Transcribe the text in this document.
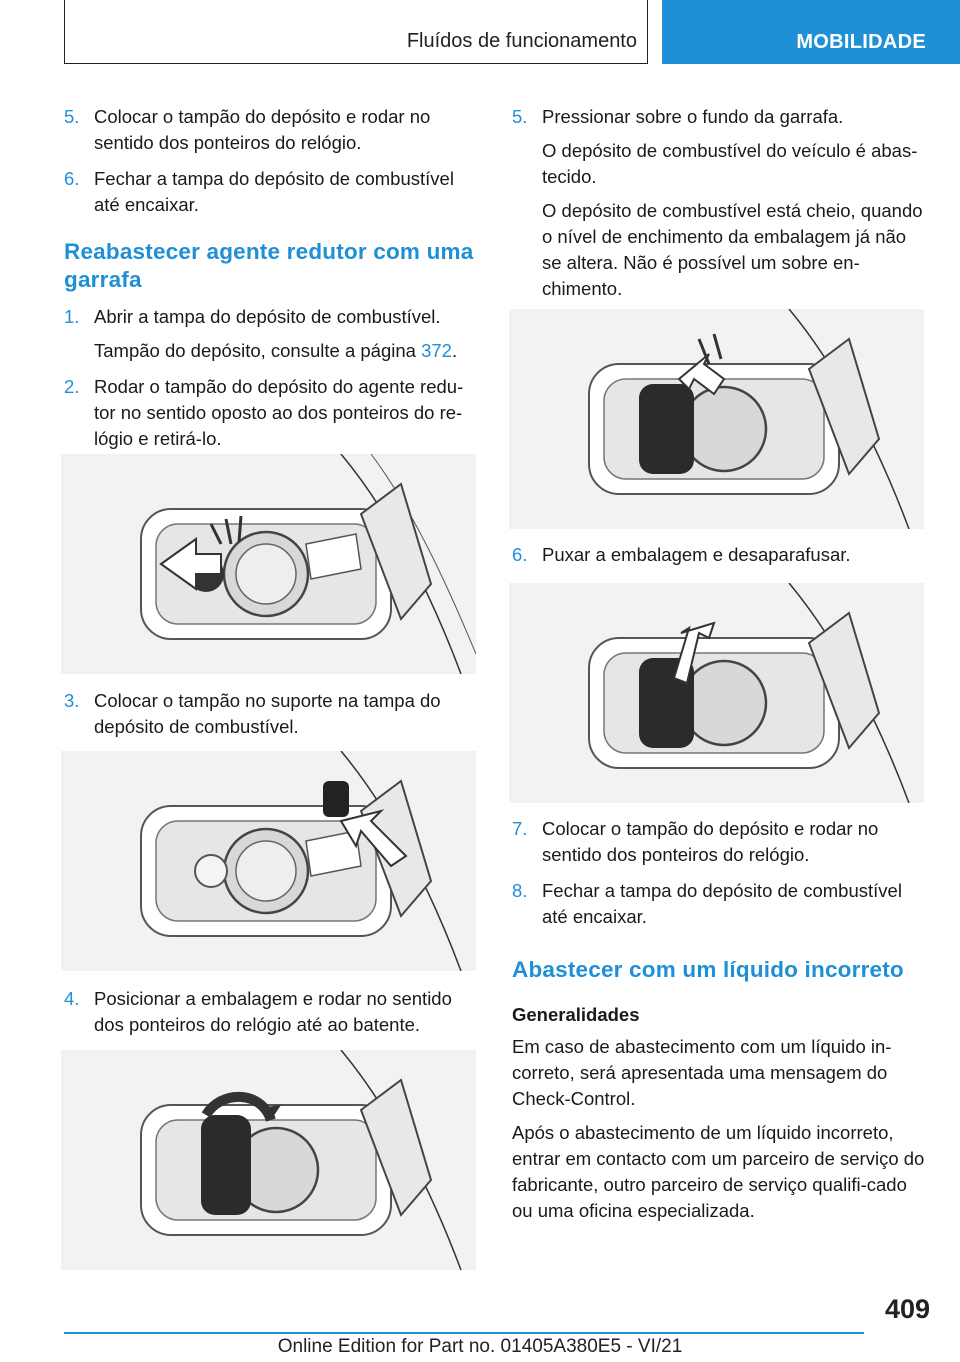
Fluídos de funcionamento	MOBILIDADE
5. Colocar o tampão do depósito e rodar no sentido dos ponteiros do relógio.
6. Fechar a tampa do depósito de combustível até encaixar.
Reabastecer agente redutor com uma garrafa
1. Abrir a tampa do depósito de combustível.
Tampão do depósito, consulte a página 372.
2. Rodar o tampão do depósito do agente redu-tor no sentido oposto ao dos ponteiros do re-lógio e retirá-lo.
3. Colocar o tampão no suporte na tampa do depósito de combustível.
4. Posicionar a embalagem e rodar no sentido dos ponteiros do relógio até ao batente.
5. Pressionar sobre o fundo da garrafa.
O depósito de combustível do veículo é abas-tecido.
O depósito de combustível está cheio, quando o nível de enchimento da embalagem já não se altera. Não é possível um sobre en-chimento.
6. Puxar a embalagem e desaparafusar.
7. Colocar o tampão do depósito e rodar no sentido dos ponteiros do relógio.
8. Fechar a tampa do depósito de combustível até encaixar.
Abastecer com um líquido incorreto
Generalidades
Em caso de abastecimento com um líquido in-correto, será apresentada uma mensagem do Check-Control.
Após o abastecimento de um líquido incorreto, entrar em contacto com um parceiro de serviço do fabricante, outro parceiro de serviço qualifi-cado ou uma oficina especializada.
409
Online Edition for Part no. 01405A380E5 - VI/21
